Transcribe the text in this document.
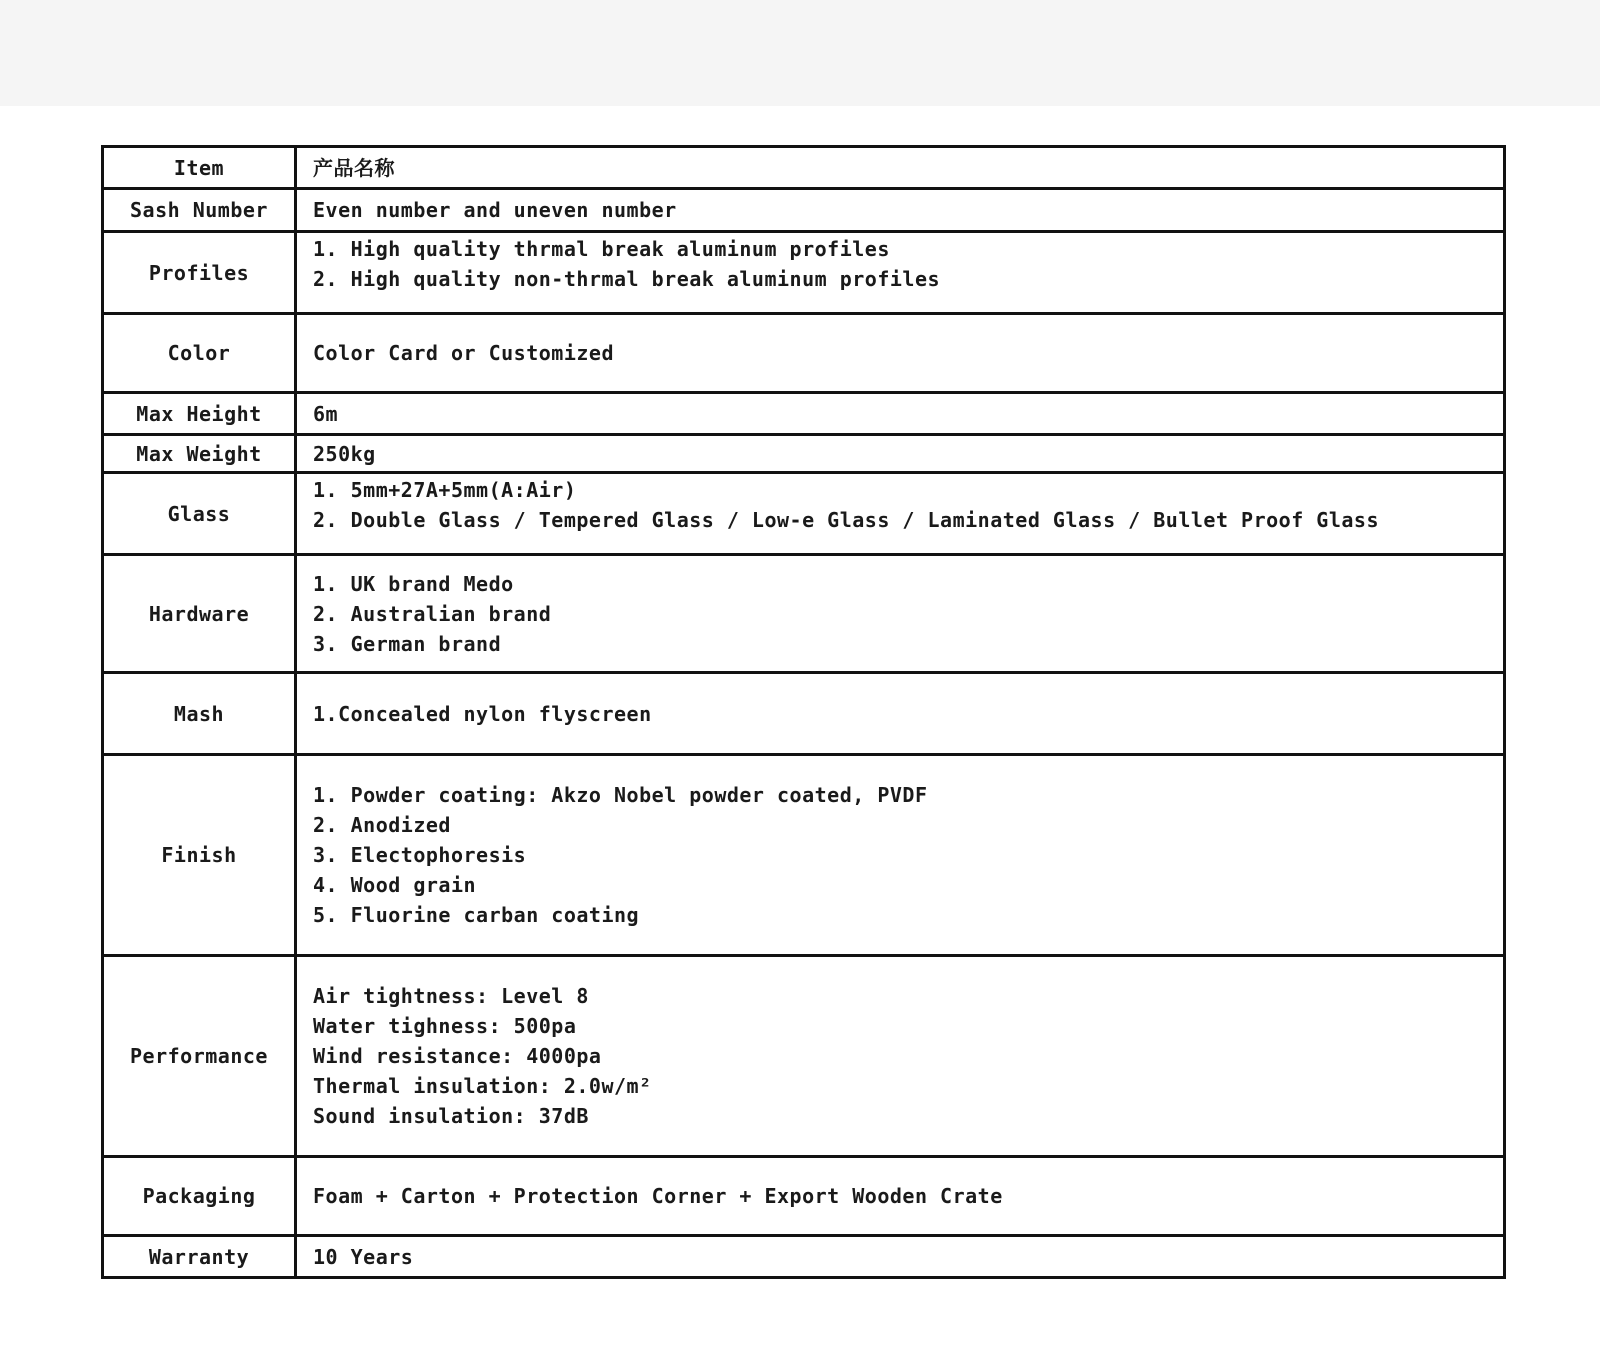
Item	产品名称

Sash Number	Even number and uneven number

Profiles	1. High quality thrmal break aluminum profiles
2. High quality non-thrmal break aluminum profiles

Color	Color Card or Customized

Max Height	6m

Max Weight	250kg

Glass	1. 5mm+27A+5mm(A:Air)
2. Double Glass / Tempered Glass / Low-e Glass / Laminated Glass / Bullet Proof Glass

Hardware	1. UK brand Medo
2. Australian brand
3. German brand

Mash	1.Concealed nylon flyscreen

Finish	1. Powder coating: Akzo Nobel powder coated, PVDF
2. Anodized
3. Electophoresis
4. Wood grain
5. Fluorine carban coating

Performance	Air tightness: Level 8
Water tighness: 500pa
Wind resistance: 4000pa
Thermal insulation: 2.0w/m²
Sound insulation: 37dB

Packaging	Foam + Carton + Protection Corner + Export Wooden Crate

Warranty	10 Years
